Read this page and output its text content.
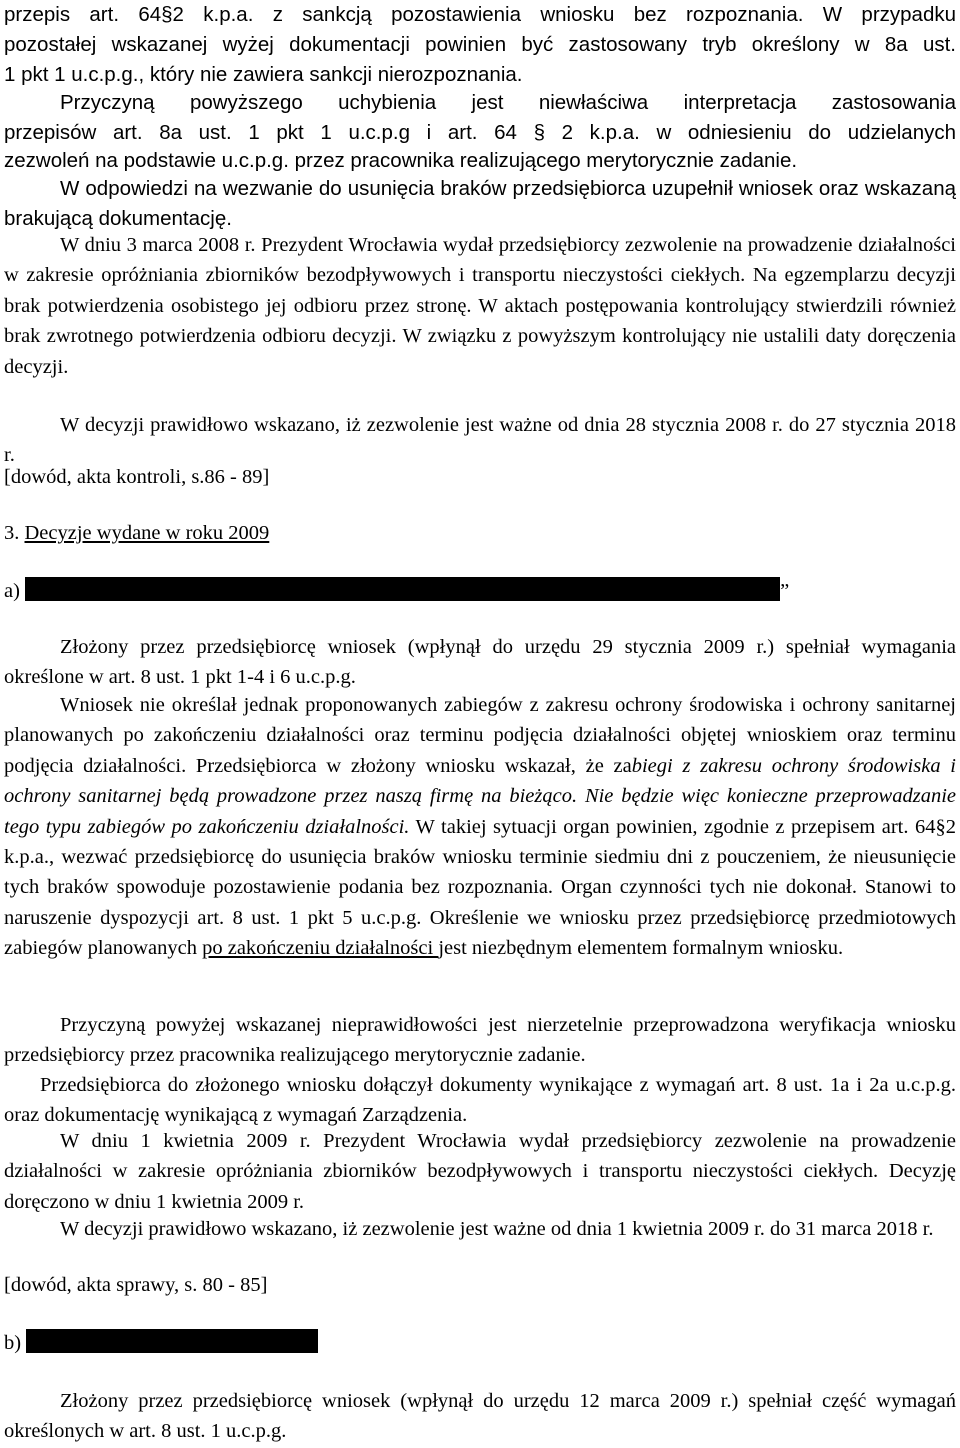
przepis art. 64§2 k.p.a. z sankcją pozostawienia wniosku bez rozpoznania. W przypadku
pozostałej wskazanej wyżej dokumentacji powinien być zastosowany tryb określony w 8a ust.
1 pkt 1 u.c.p.g., który nie zawiera sankcji nierozpoznania.
Przyczyną powyższego uchybienia jest niewłaściwa interpretacja zastosowania
przepisów art. 8a ust. 1 pkt 1 u.c.p.g i art. 64 § 2 k.p.a. w odniesieniu do udzielanych
zezwoleń na podstawie u.c.p.g. przez pracownika realizującego merytorycznie zadanie.
W odpowiedzi na wezwanie do usunięcia braków przedsiębiorca uzupełnił wniosek oraz wskazaną brakującą dokumentację.
W dniu 3 marca 2008 r. Prezydent Wrocławia wydał przedsiębiorcy zezwolenie na prowadzenie działalności w zakresie opróżniania zbiorników bezodpływowych i transportu nieczystości ciekłych. Na egzemplarzu decyzji brak potwierdzenia osobistego jej odbioru przez stronę. W aktach postępowania kontrolujący stwierdzili również brak zwrotnego potwierdzenia odbioru decyzji. W związku z powyższym kontrolujący nie ustalili daty doręczenia decyzji.
W decyzji prawidłowo wskazano, iż zezwolenie jest ważne od dnia 28 stycznia 2008 r. do 27 stycznia 2018 r.
[dowód, akta kontroli, s.86 - 89]
3. Decyzje wydane w roku 2009
a)	”
Złożony przez przedsiębiorcę wniosek (wpłynął do urzędu 29 stycznia 2009 r.) spełniał wymagania określone w art. 8 ust. 1 pkt 1-4 i 6 u.c.p.g.
Wniosek nie określał jednak proponowanych zabiegów z zakresu ochrony środowiska i ochrony sanitarnej planowanych po zakończeniu działalności oraz terminu podjęcia działalności objętej wnioskiem oraz terminu podjęcia działalności. Przedsiębiorca w złożony wniosku wskazał, że zabiegi z zakresu ochrony środowiska i ochrony sanitarnej będą prowadzone przez naszą firmę na bieżąco. Nie będzie więc konieczne przeprowadzanie tego typu zabiegów po zakończeniu działalności. W takiej sytuacji organ powinien, zgodnie z przepisem art. 64§2 k.p.a., wezwać przedsiębiorcę do usunięcia braków wniosku terminie siedmiu dni z pouczeniem, że nieusunięcie tych braków spowoduje pozostawienie podania bez rozpoznania. Organ czynności tych nie dokonał. Stanowi to naruszenie dyspozycji art. 8 ust. 1 pkt 5 u.c.p.g. Określenie we wniosku przez przedsiębiorcę przedmiotowych zabiegów planowanych po zakończeniu działalności jest niezbędnym elementem formalnym wniosku.
Przyczyną powyżej wskazanej nieprawidłowości jest nierzetelnie przeprowadzona weryfikacja wniosku przedsiębiorcy przez pracownika realizującego merytorycznie zadanie.
Przedsiębiorca do złożonego wniosku dołączył dokumenty wynikające z wymagań art. 8 ust. 1a i 2a u.c.p.g. oraz dokumentację wynikającą z wymagań Zarządzenia.
W dniu 1 kwietnia 2009 r. Prezydent Wrocławia wydał przedsiębiorcy zezwolenie na prowadzenie działalności w zakresie opróżniania zbiorników bezodpływowych i transportu nieczystości ciekłych. Decyzję doręczono w dniu 1 kwietnia 2009 r.
W decyzji prawidłowo wskazano, iż zezwolenie jest ważne od dnia 1 kwietnia 2009 r. do 31 marca 2018 r.
[dowód, akta sprawy, s. 80 - 85]
b)
Złożony przez przedsiębiorcę wniosek (wpłynął do urzędu 12 marca 2009 r.) spełniał część wymagań określonych w art. 8 ust. 1 u.c.p.g.
